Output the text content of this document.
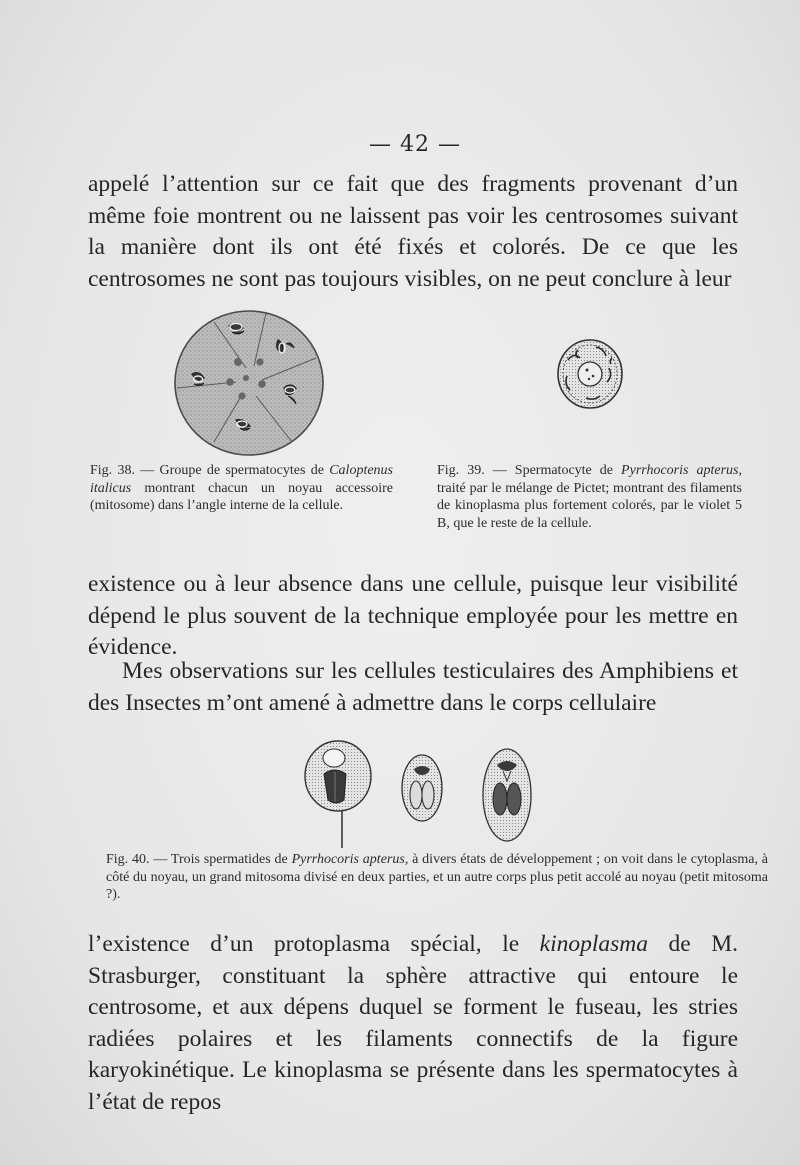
— 42 —

appelé l’attention sur ce fait que des fragments provenant d’un même foie montrent ou ne laissent pas voir les centrosomes suivant la manière dont ils ont été fixés et colorés. De ce que les centrosomes ne sont pas toujours visibles, on ne peut conclure à leur

Fig. 38. — Groupe de spermatocytes de Caloptenus italicus montrant chacun un noyau accessoire (mitosome) dans l’angle interne de la cellule.

Fig. 39. — Spermatocyte de Pyrrhocoris apterus, traité par le mélange de Pictet; montrant des filaments de kinoplasma plus fortement colorés, par le violet 5 B, que le reste de la cellule.

existence ou à leur absence dans une cellule, puisque leur visibilité dépend le plus souvent de la technique employée pour les mettre en évidence.

Mes observations sur les cellules testiculaires des Amphibiens et des Insectes m’ont amené à admettre dans le corps cellulaire

Fig. 40. — Trois spermatides de Pyrrhocoris apterus, à divers états de développement ; on voit dans le cytoplasma, à côté du noyau, un grand mitosoma divisé en deux parties, et un autre corps plus petit accolé au noyau (petit mitosoma ?).

l’existence d’un protoplasma spécial, le kinoplasma de M. Strasburger, constituant la sphère attractive qui entoure le centrosome, et aux dépens duquel se forment le fuseau, les stries radiées polaires et les filaments connectifs de la figure karyokinétique. Le kinoplasma se présente dans les spermatocytes à l’état de repos
